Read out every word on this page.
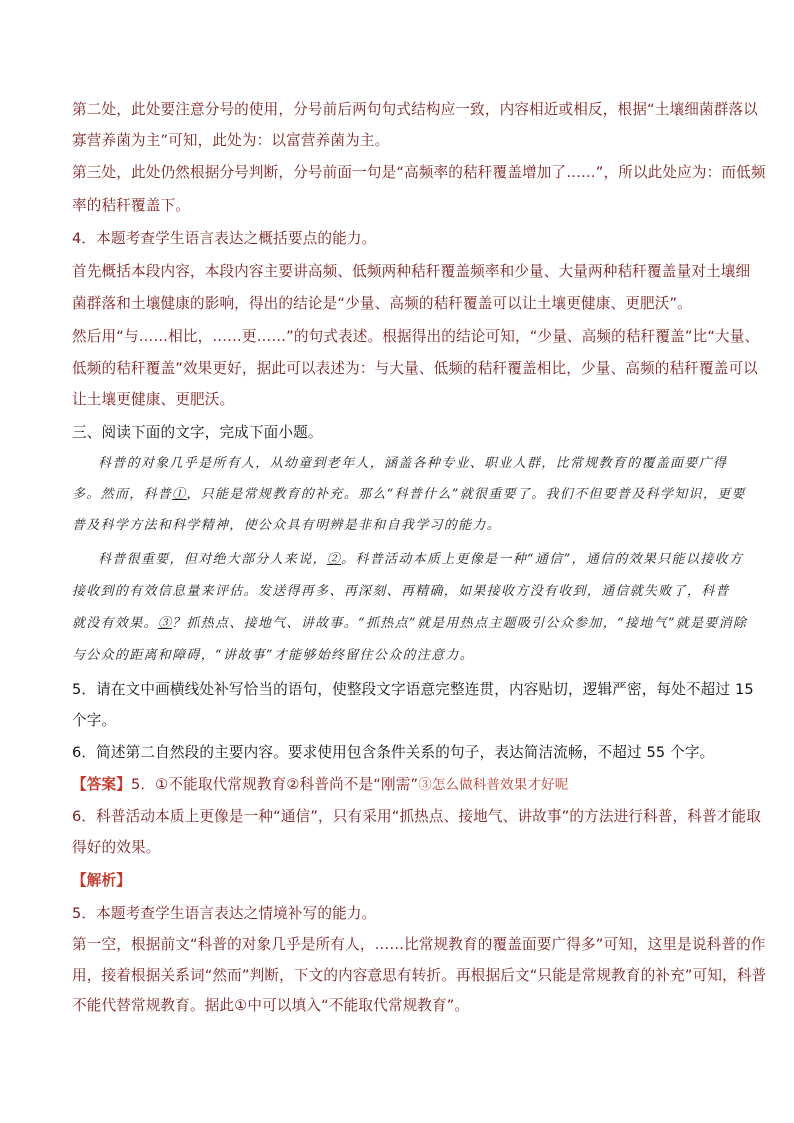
第二处，此处要注意分号的使用，分号前后两句句式结构应一致，内容相近或相反，根据“土壤细菌群落以
寡营养菌为主”可知，此处为：以富营养菌为主。
第三处，此处仍然根据分号判断，分号前面一句是“高频率的秸秆覆盖增加了……”，所以此处应为：而低频
率的秸秆覆盖下。
4．本题考查学生语言表达之概括要点的能力。
首先概括本段内容，本段内容主要讲高频、低频两种秸秆覆盖频率和少量、大量两种秸秆覆盖量对土壤细
菌群落和土壤健康的影响，得出的结论是“少量、高频的秸秆覆盖可以让土壤更健康、更肥沃”。
然后用“与……相比，……更……”的句式表述。根据得出的结论可知，“少量、高频的秸秆覆盖”比“大量、
低频的秸秆覆盖”效果更好，据此可以表述为：与大量、低频的秸秆覆盖相比，少量、高频的秸秆覆盖可以
让土壤更健康、更肥沃。
三、阅读下面的文字，完成下面小题。
科普的对象几乎是所有人，从幼童到老年人，涵盖各种专业、职业人群，比常规教育的覆盖面要广得
多。然而，科普①，只能是常规教育的补充。那么“科普什么”就很重要了。我们不但要普及科学知识，更要
普及科学方法和科学精神，使公众具有明辨是非和自我学习的能力。
科普很重要，但对绝大部分人来说，②。科普活动本质上更像是一种“通信”，通信的效果只能以接收方
接收到的有效信息量来评估。发送得再多、再深刻、再精确，如果接收方没有收到，通信就失败了，科普
就没有效果。③？抓热点、接地气、讲故事。“抓热点”就是用热点主题吸引公众参加，“接地气”就是要消除
与公众的距离和障碍，“讲故事”才能够始终留住公众的注意力。
5．请在文中画横线处补写恰当的语句，使整段文字语意完整连贯，内容贴切，逻辑严密，每处不超过 15
个字。
6．简述第二自然段的主要内容。要求使用包含条件关系的句子，表达简洁流畅，不超过 55 个字。
【答案】5．①不能取代常规教育②科普尚不是“刚需”③怎么做科普效果才好呢
6．科普活动本质上更像是一种“通信”，只有采用“抓热点、接地气、讲故事”的方法进行科普，科普才能取
得好的效果。
【解析】
5．本题考查学生语言表达之情境补写的能力。
第一空，根据前文“科普的对象几乎是所有人，……比常规教育的覆盖面要广得多”可知，这里是说科普的作
用，接着根据关系词“然而”判断，下文的内容意思有转折。再根据后文“只能是常规教育的补充”可知，科普
不能代替常规教育。据此①中可以填入“不能取代常规教育”。
